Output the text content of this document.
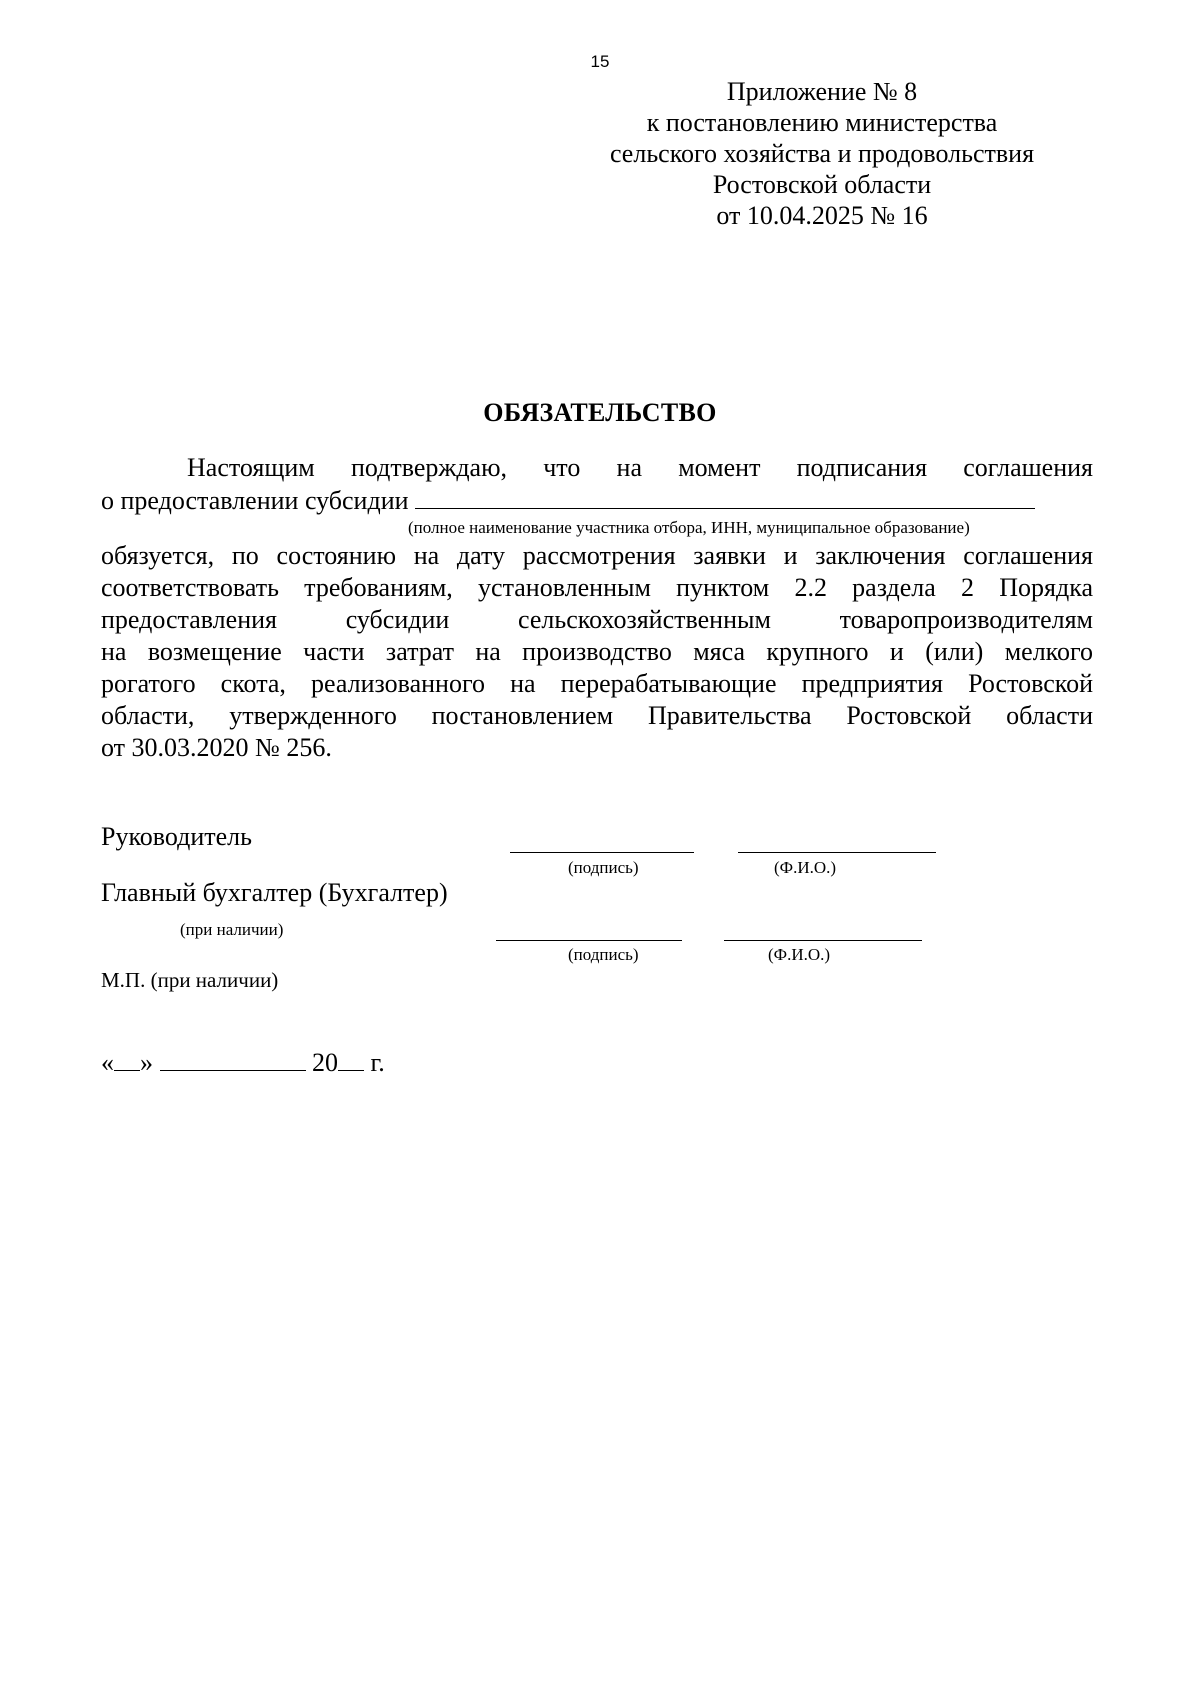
15
Приложение № 8
к постановлению министерства
сельского хозяйства и продовольствия
Ростовской области
от 10.04.2025 № 16
ОБЯЗАТЕЛЬСТВО
Настоящим подтверждаю, что на момент подписания соглашения
о предоставлении субсидии
(полное наименование участника отбора, ИНН, муниципальное образование)
обязуется, по состоянию на дату рассмотрения заявки и заключения соглашения
соответствовать требованиям, установленным пунктом 2.2 раздела 2 Порядка
предоставления субсидии сельскохозяйственным товаропроизводителям
на возмещение части затрат на производство мяса крупного и (или) мелкого
рогатого скота, реализованного на перерабатывающие предприятия Ростовской
области, утвержденного постановлением Правительства Ростовской области
от 30.03.2020 № 256.
Руководитель
(подпись)	(Ф.И.О.)
Главный бухгалтер (Бухгалтер)
(при наличии)
(подпись)	(Ф.И.О.)
М.П. (при наличии)
« »	20 г.
